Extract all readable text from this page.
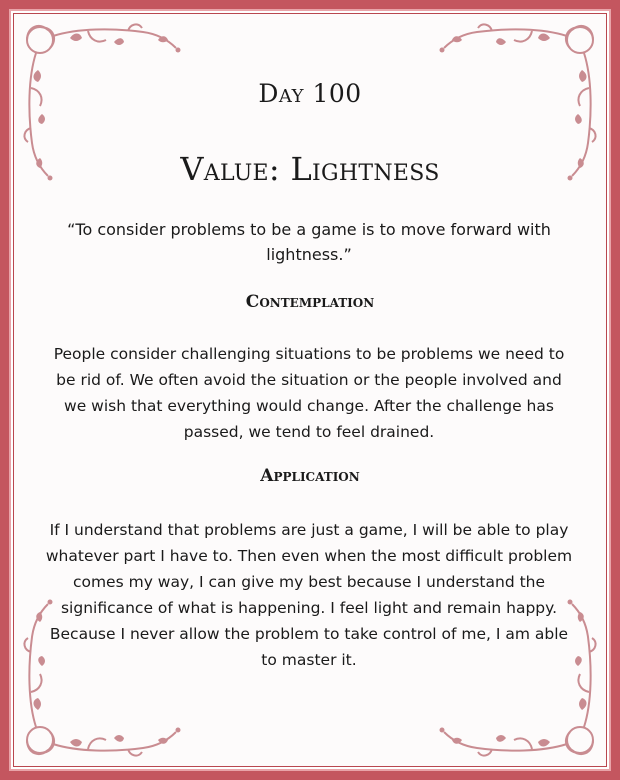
Day 100
Value: Lightness
“To consider problems to be a game is to move forward with lightness.”
Contemplation
People consider challenging situations to be problems we need to be rid of. We often avoid the situation or the people involved and we wish that everything would change. After the challenge has passed, we tend to feel drained.
Application
If I understand that problems are just a game, I will be able to play whatever part I have to. Then even when the most difficult problem comes my way, I can give my best because I understand the significance of what is happening. I feel light and remain happy. Because I never allow the problem to take control of me, I am able to master it.
